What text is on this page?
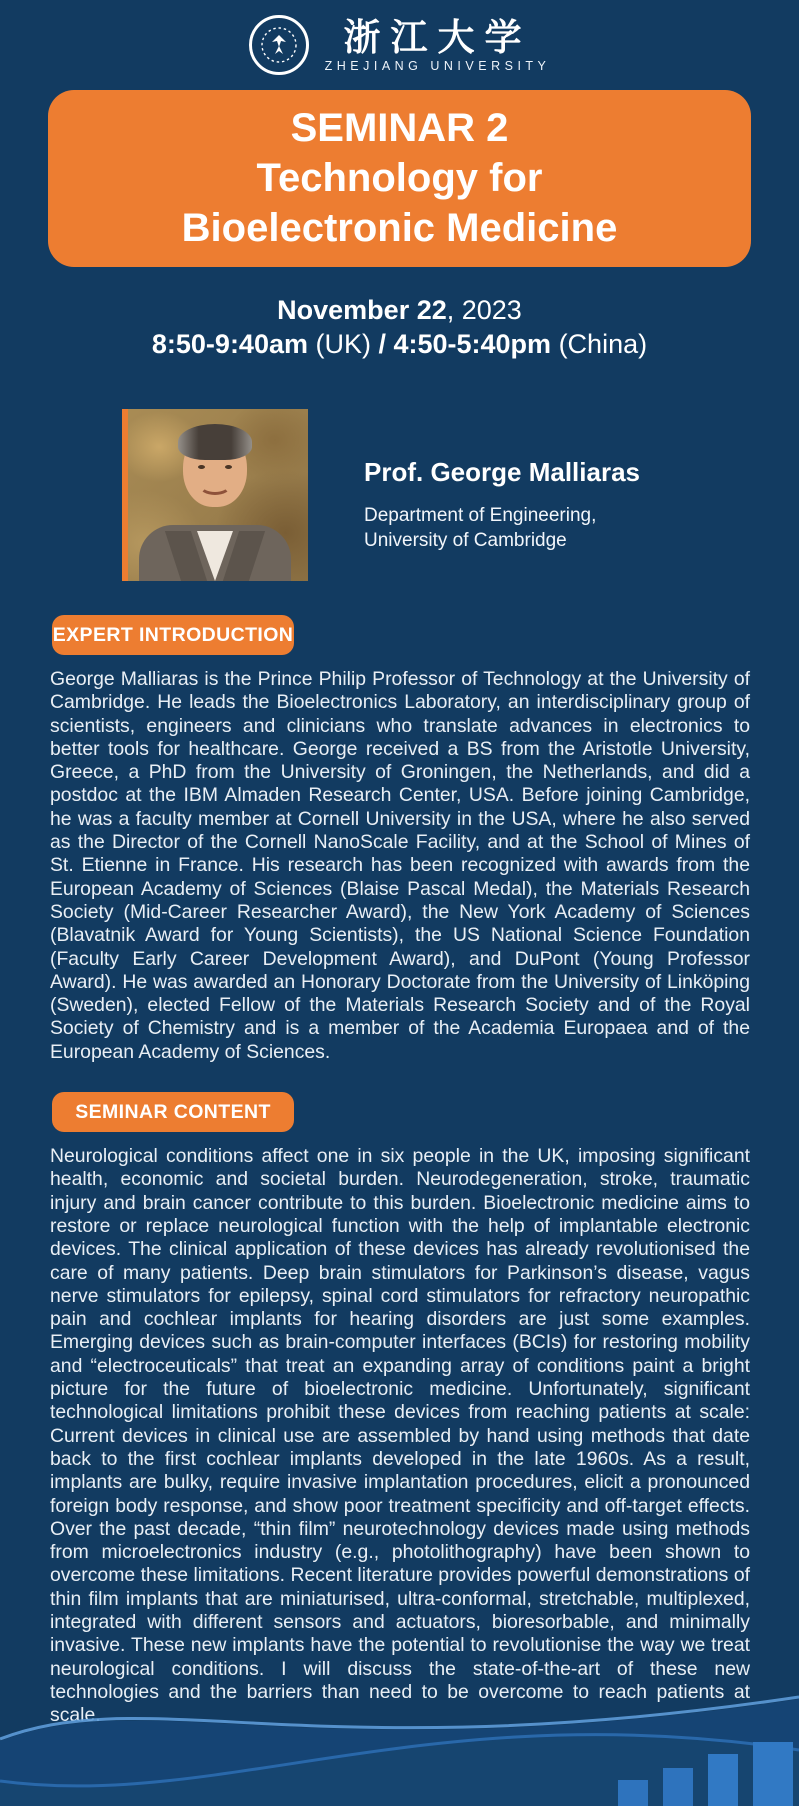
浙江大学
ZHEJIANG UNIVERSITY
SEMINAR 2
Technology for
Bioelectronic Medicine
November 22, 2023
8:50-9:40am (UK) / 4:50-5:40pm (China)
Prof. George Malliaras
Department of Engineering,
University of Cambridge
EXPERT INTRODUCTION

George Malliaras is the Prince Philip Professor of Technology at the University of Cambridge. He leads the Bioelectronics Laboratory, an interdisciplinary group of scientists, engineers and clinicians who translate advances in electronics to better tools for healthcare. George received a BS from the Aristotle University, Greece, a PhD from the University of Groningen, the Netherlands, and did a postdoc at the IBM Almaden Research Center, USA. Before joining Cambridge, he was a faculty member at Cornell University in the USA, where he also served as the Director of the Cornell NanoScale Facility, and at the School of Mines of St. Etienne in France. His research has been recognized with awards from the European Academy of Sciences (Blaise Pascal Medal), the Materials Research Society (Mid-Career Researcher Award), the New York Academy of Sciences (Blavatnik Award for Young Scientists), the US National Science Foundation (Faculty Early Career Development Award), and DuPont (Young Professor Award). He was awarded an Honorary Doctorate from the University of Linköping (Sweden), elected Fellow of the Materials Research Society and of the Royal Society of Chemistry and is a member of the Academia Europaea and of the European Academy of Sciences.

SEMINAR CONTENT

Neurological conditions affect one in six people in the UK, imposing significant health, economic and societal burden. Neurodegeneration, stroke, traumatic injury and brain cancer contribute to this burden. Bioelectronic medicine aims to restore or replace neurological function with the help of implantable electronic devices. The clinical application of these devices has already revolutionised the care of many patients. Deep brain stimulators for Parkinson’s disease, vagus nerve stimulators for epilepsy, spinal cord stimulators for refractory neuropathic pain and cochlear implants for hearing disorders are just some examples. Emerging devices such as brain-computer interfaces (BCIs) for restoring mobility and “electroceuticals” that treat an expanding array of conditions paint a bright picture for the future of bioelectronic medicine. Unfortunately, significant technological limitations prohibit these devices from reaching patients at scale: Current devices in clinical use are assembled by hand using methods that date back to the first cochlear implants developed in the late 1960s. As a result, implants are bulky, require invasive implantation procedures, elicit a pronounced foreign body response, and show poor treatment specificity and off-target effects. Over the past decade, “thin film” neurotechnology devices made using methods from microelectronics industry (e.g., photolithography) have been shown to overcome these limitations. Recent literature provides powerful demonstrations of thin film implants that are miniaturised, ultra-conformal, stretchable, multiplexed, integrated with different sensors and actuators, bioresorbable, and minimally invasive. These new implants have the potential to revolutionise the way we treat neurological conditions. I will discuss the state-of-the-art of these new technologies and the barriers than need to be overcome to reach patients at scale.
